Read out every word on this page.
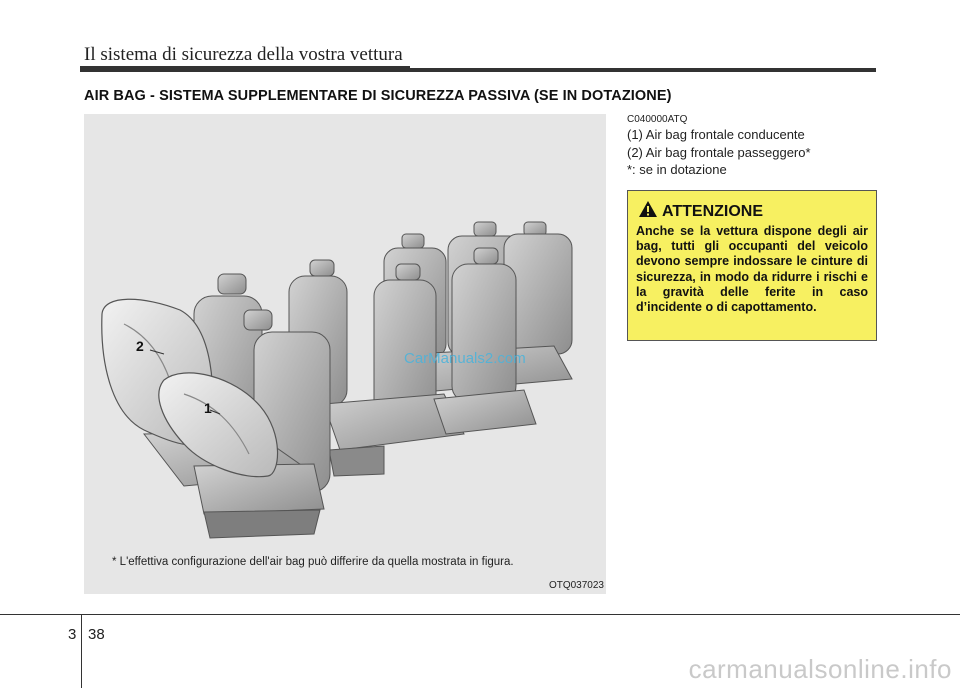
Il sistema di sicurezza della vostra vettura
AIR BAG - SISTEMA SUPPLEMENTARE DI SICUREZZA PASSIVA (SE IN DOTAZIONE)
2
1
CarManuals2.com
* L'effettiva configurazione dell'air bag può differire da quella mostrata in figura.
OTQ037023
C040000ATQ
(1) Air bag frontale conducente
(2) Air bag frontale passeggero*
*: se in dotazione
ATTENZIONE
Anche se la vettura dispone degli air bag, tutti gli occupanti del veicolo devono sempre indossare le cinture di sicurezza, in modo da ridurre i rischi e la gravità delle ferite in caso d’incidente o di capottamento.
3 38
carmanualsonline.info
